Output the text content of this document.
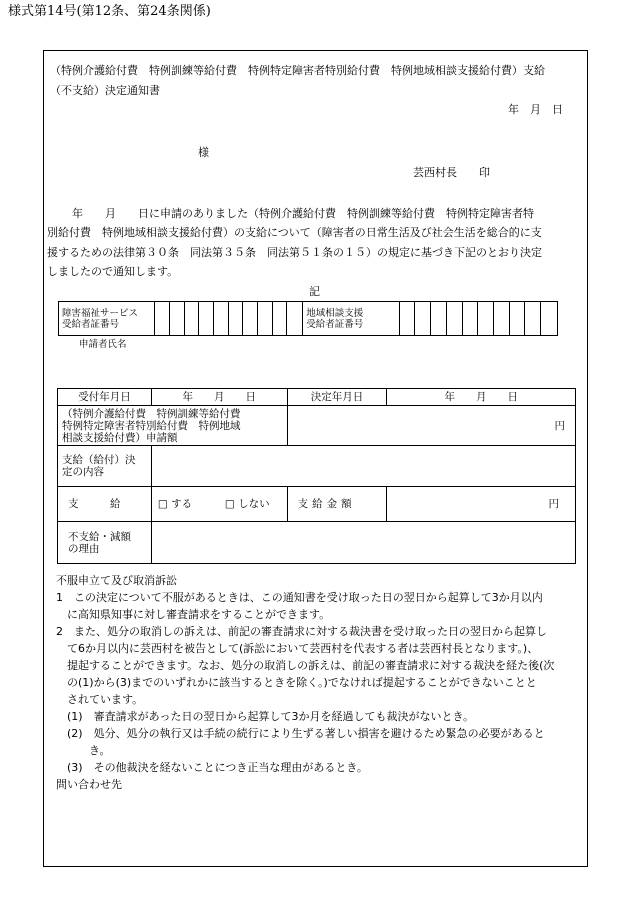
様式第14号(第12条、第24条関係)
（特例介護給付費　特例訓練等給付費　特例特定障害者特別給付費　特例地域相談支援給付費）支給
（不支給）決定通知書
年　月　日
様
芸西村長　　印
　　年　　月　　日に申請のありました（特例介護給付費　特例訓練等給付費　特例特定障害者特
別給付費　特例地域相談支援給付費）の支給について（障害者の日常生活及び社会生活を総合的に支
援するための法律第３０条　同法第３５条　同法第５１条の１５）の規定に基づき下記のとおり決定
しましたので通知します。
記
障害福祉サービス
受給者証番号

地域相談支援
受給者証番号

申請者氏名
受付年月日	年　　月　　日	決定年月日	年　　月　　日

（特例介護給付費　特例訓練等給付費
特例特定障害者特別給付費　特例地域
相談支援給付費）申請額		円	

支給（給付）決
定の内容			

支　　　給	□ する □ しない	支給金額	円

不支給・減額
の理由			

不服申立て及び取消訴訟

1　この決定について不服があるときは、この通知書を受け取った日の翌日から起算して3か月以内

　に高知県知事に対し審査請求をすることができます。

2　また、処分の取消しの訴えは、前記の審査請求に対する裁決書を受け取った日の翌日から起算し

　て6か月以内に芸西村を被告として(訴訟において芸西村を代表する者は芸西村長となります。)、

　提起することができます。なお、処分の取消しの訴えは、前記の審査請求に対する裁決を経た後(次

　の(1)から(3)までのいずれかに該当するときを除く。)でなければ提起することができないことと

　されています。

　(1)　審査請求があった日の翌日から起算して3か月を経過しても裁決がないとき。

　(2)　処分、処分の執行又は手続の続行により生ずる著しい損害を避けるため緊急の必要があると

　　　き。

　(3)　その他裁決を経ないことにつき正当な理由があるとき。

問い合わせ先
